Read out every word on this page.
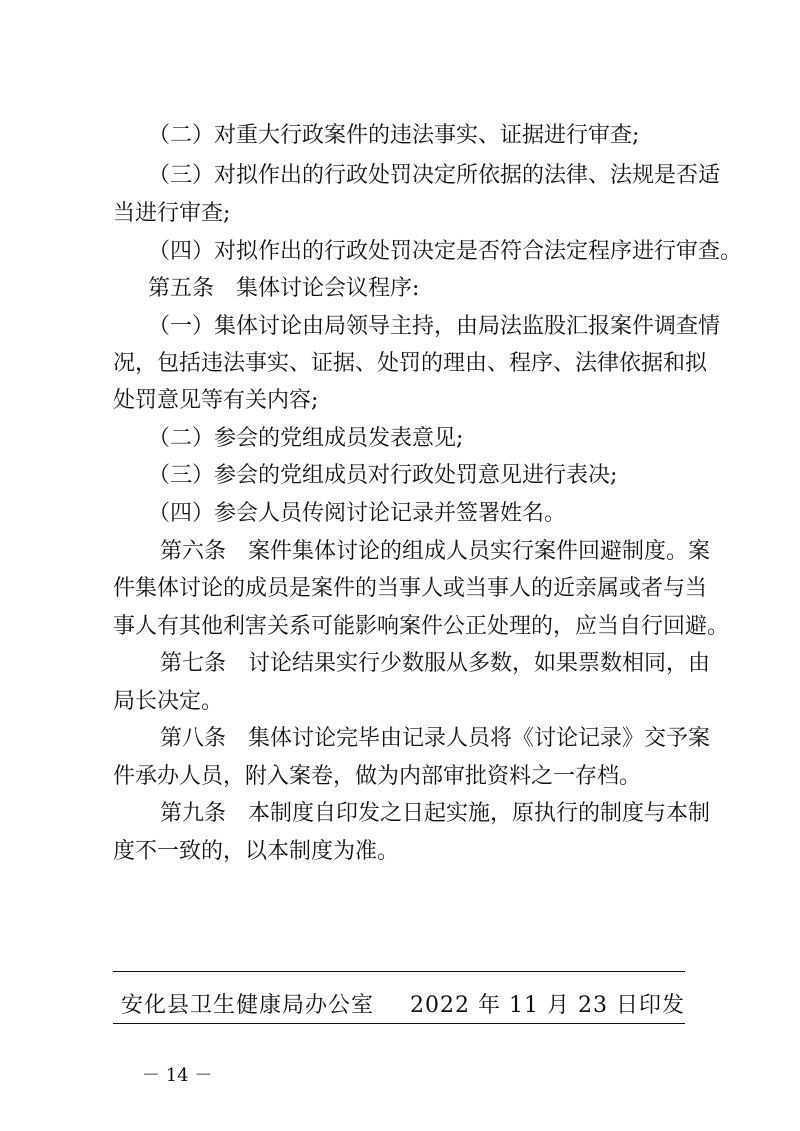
（二）对重大行政案件的违法事实、证据进行审查;
（三）对拟作出的行政处罚决定所依据的法律、法规是否适
当进行审查;
（四）对拟作出的行政处罚决定是否符合法定程序进行审查。
第五条　集体讨论会议程序:
（一）集体讨论由局领导主持，由局法监股汇报案件调查情
况，包括违法事实、证据、处罚的理由、程序、法律依据和拟
处罚意见等有关内容;
（二）参会的党组成员发表意见;
（三）参会的党组成员对行政处罚意见进行表决;
（四）参会人员传阅讨论记录并签署姓名。
第六条　案件集体讨论的组成人员实行案件回避制度。案
件集体讨论的成员是案件的当事人或当事人的近亲属或者与当
事人有其他利害关系可能影响案件公正处理的，应当自行回避。
第七条　讨论结果实行少数服从多数，如果票数相同，由
局长决定。
第八条　集体讨论完毕由记录人员将《讨论记录》交予案
件承办人员，附入案卷，做为内部审批资料之一存档。
第九条　本制度自印发之日起实施，原执行的制度与本制
度不一致的，以本制度为准。
安化县卫生健康局办公室 2022 年 11 月 23 日印发
－ 14 －
